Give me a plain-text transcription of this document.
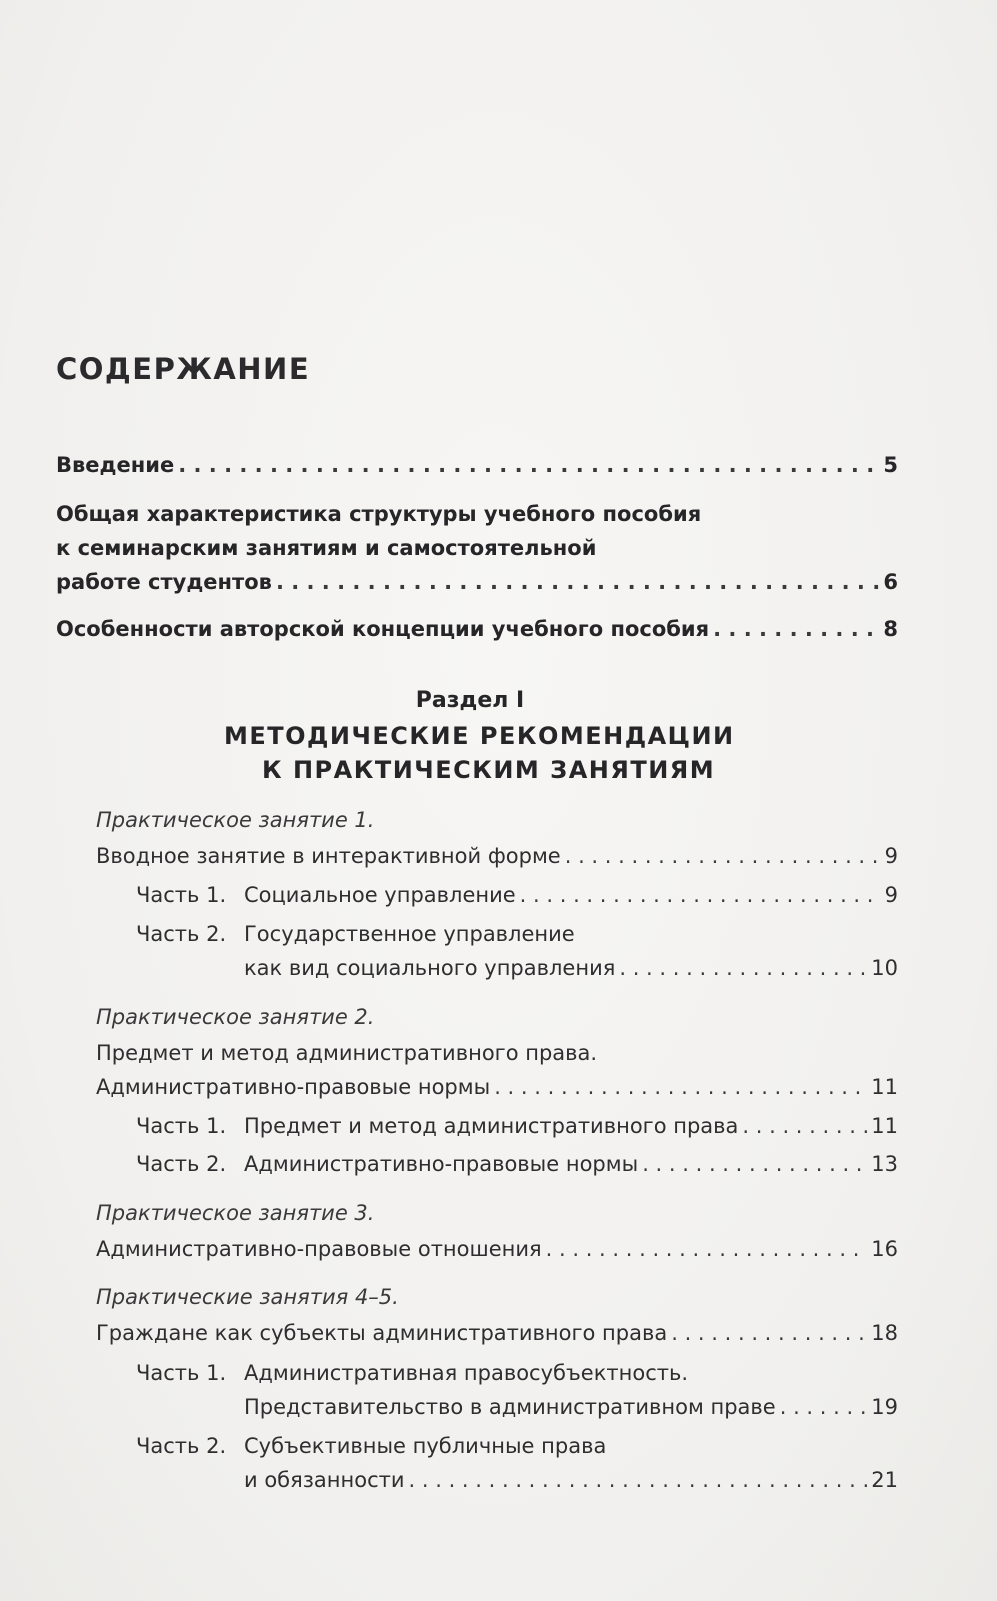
СОДЕРЖАНИЕ
Введение . . .	5
Общая характеристика структуры учебного пособия
к семинарским занятиям и самостоятельной
работе студентов . . .	6
Особенности авторской концепции учебного пособия . . .	8
Раздел I
МЕТОДИЧЕСКИЕ РЕКОМЕНДАЦИИ
К ПРАКТИЧЕСКИМ ЗАНЯТИЯМ
Практическое занятие 1.
Вводное занятие в интерактивной форме . . .	9
Часть 1. Социальное управление . . .	9
Часть 2. Государственное управление
как вид социального управления . . .	10
Практическое занятие 2.
Предмет и метод административного права.
Административно-правовые нормы . . .	11
Часть 1. Предмет и метод административного права . . .	11
Часть 2. Административно-правовые нормы . . .	13
Практическое занятие 3.
Административно-правовые отношения . . .	16
Практические занятия 4–5.
Граждане как субъекты административного права . . .	18
Часть 1. Административная правосубъектность.
Представительство в административном праве . . .	19
Часть 2. Субъективные публичные права
и обязанности . . .	21
